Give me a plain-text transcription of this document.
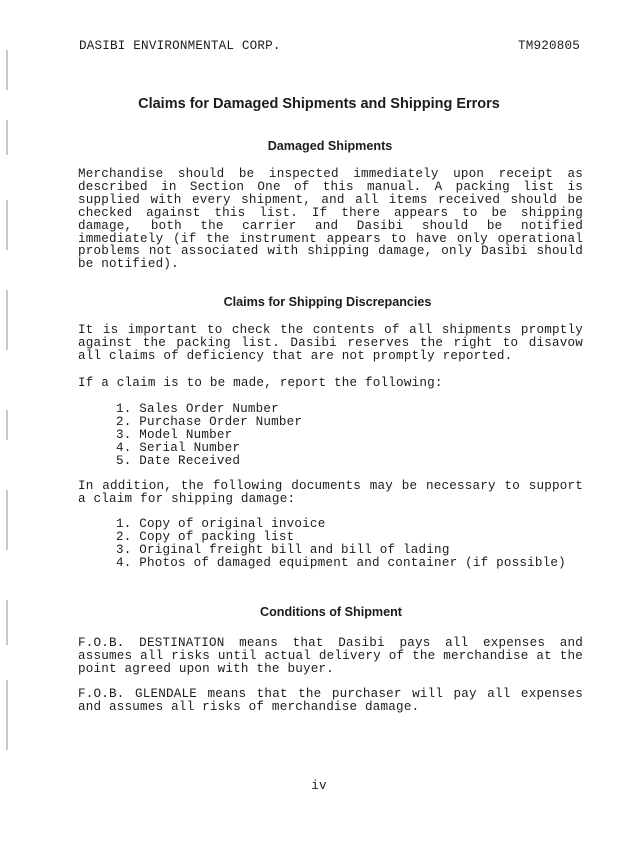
DASIBI ENVIRONMENTAL CORP.	TM920805
Claims for Damaged Shipments and Shipping Errors
Damaged Shipments

Merchandise should be inspected immediately upon receipt as described in Section One of this manual. A packing list is supplied with every shipment, and all items received should be checked against this list. If there appears to be shipping damage, both the carrier and Dasibi should be notified immediately (if the instrument appears to have only operational problems not associated with shipping damage, only Dasibi should be notified).

Claims for Shipping Discrepancies

It is important to check the contents of all shipments promptly against the packing list. Dasibi reserves the right to disavow all claims of deficiency that are not promptly reported.

If a claim is to be made, report the following:

1. Sales Order Number
2. Purchase Order Number
3. Model Number
4. Serial Number
5. Date Received

In addition, the following documents may be necessary to support a claim for shipping damage:

1. Copy of original invoice
2. Copy of packing list
3. Original freight bill and bill of lading
4. Photos of damaged equipment and container (if possible)
Conditions of Shipment

F.O.B. DESTINATION means that Dasibi pays all expenses and assumes all risks until actual delivery of the merchandise at the point agreed upon with the buyer.

F.O.B. GLENDALE means that the purchaser will pay all expenses and assumes all risks of merchandise damage.

iv
